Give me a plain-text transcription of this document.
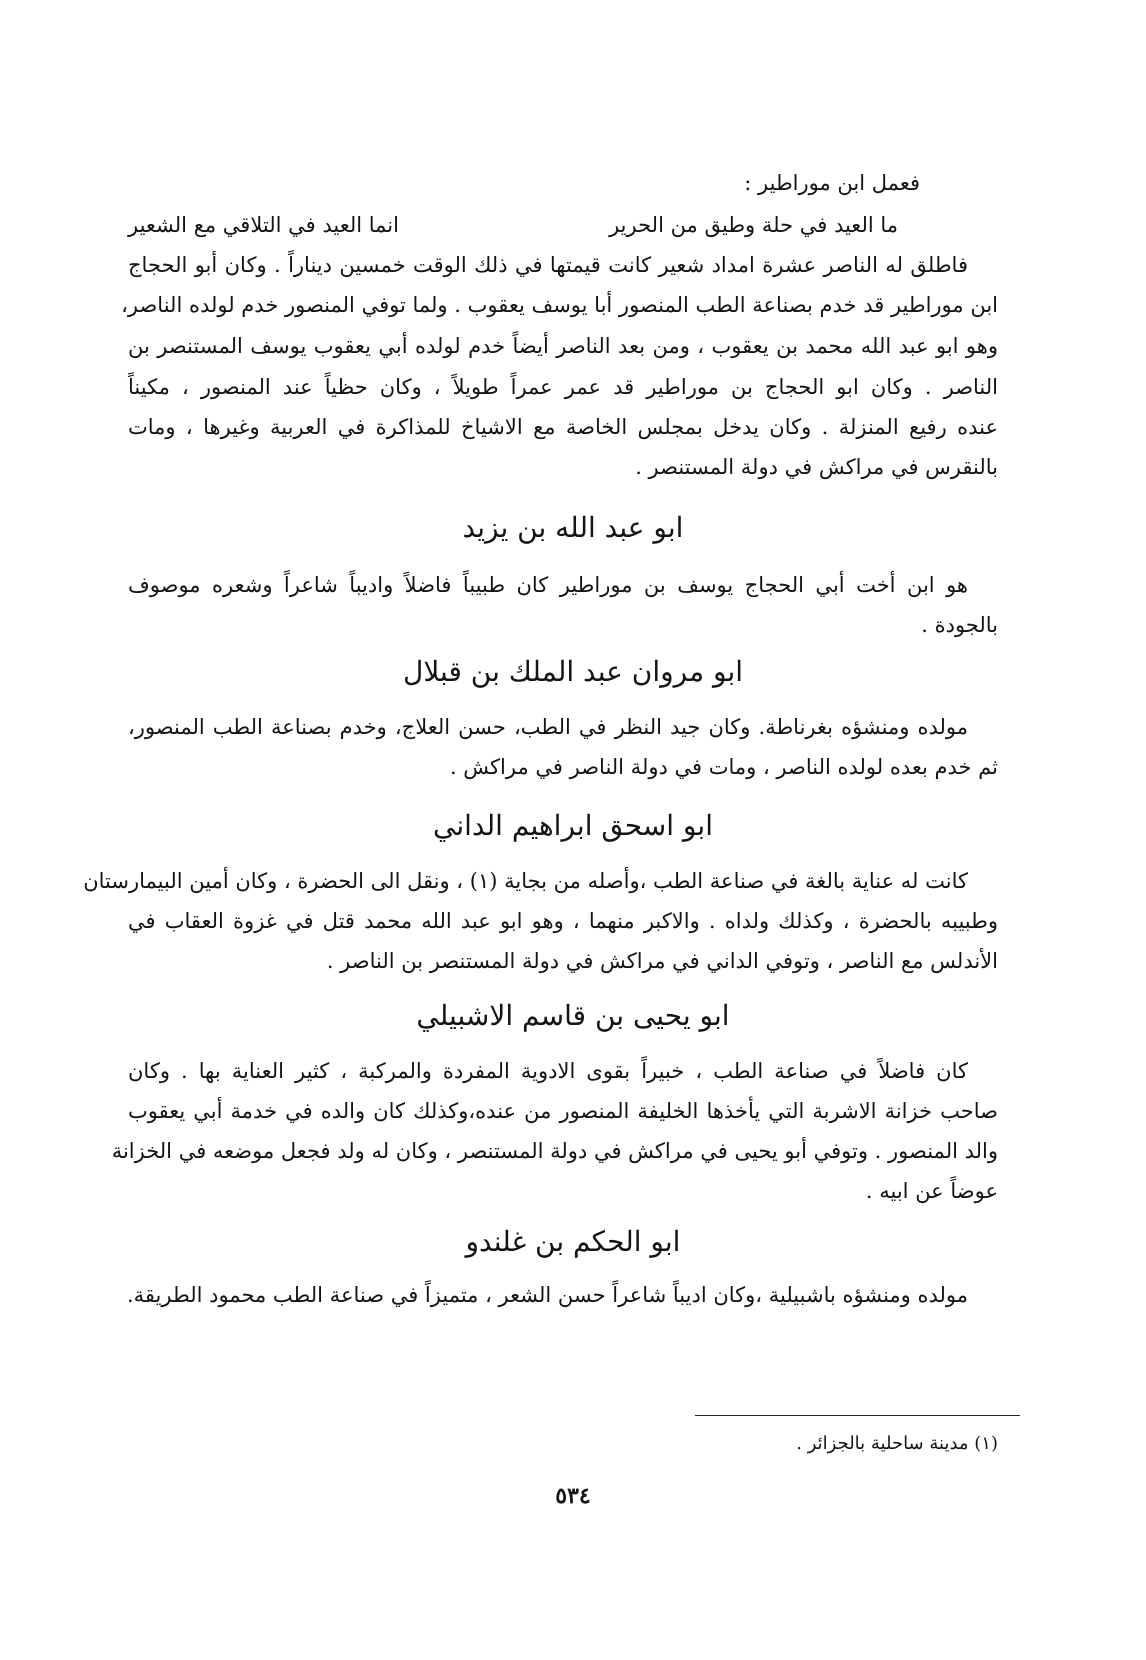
فعمل ابن موراطير :
ما العيد في حلة وطيق من الحرير
انما العيد في التلاقي مع الشعير
فاطلق له الناصر عشرة امداد شعير كانت قيمتها في ذلك الوقت خمسين ديناراً . وكان أبو الحجاج
ابن موراطير قد خدم بصناعة الطب المنصور أبا يوسف يعقوب . ولما توفي المنصور خدم لولده الناصر،
وهو ابو عبد الله محمد بن يعقوب ، ومن بعد الناصر أيضاً خدم لولده أبي يعقوب يوسف المستنصر بن
الناصر . وكان ابو الحجاج بن موراطير قد عمر عمراً طويلاً ، وكان حظياً عند المنصور ، مكيناً
عنده رفيع المنزلة . وكان يدخل بمجلس الخاصة مع الاشياخ للمذاكرة في العربية وغيرها ، ومات
بالنقرس في مراكش في دولة المستنصر .
ابو عبد الله بن يزيد
هو ابن أخت أبي الحجاج يوسف بن موراطير كان طبيباً فاضلاً واديباً شاعراً وشعره موصوف
بالجودة .
ابو مروان عبد الملك بن قبلال
مولده ومنشؤه بغرناطة. وكان جيد النظر في الطب، حسن العلاج، وخدم بصناعة الطب المنصور،
ثم خدم بعده لولده الناصر ، ومات في دولة الناصر في مراكش .
ابو اسحق ابراهيم الداني
كانت له عناية بالغة في صناعة الطب ،وأصله من بجاية (١) ، ونقل الى الحضرة ، وكان أمين البيمارستان
وطبيبه بالحضرة ، وكذلك ولداه . والاكبر منهما ، وهو ابو عبد الله محمد قتل في غزوة العقاب في
الأندلس مع الناصر ، وتوفي الداني في مراكش في دولة المستنصر بن الناصر .
ابو يحيى بن قاسم الاشبيلي
كان فاضلاً في صناعة الطب ، خبيراً بقوى الادوية المفردة والمركبة ، كثير العناية بها . وكان
صاحب خزانة الاشربة التي يأخذها الخليفة المنصور من عنده،وكذلك كان والده في خدمة أبي يعقوب
والد المنصور . وتوفي أبو يحيى في مراكش في دولة المستنصر ، وكان له ولد فجعل موضعه في الخزانة
عوضاً عن ابيه .
ابو الحكم بن غلندو
مولده ومنشؤه باشبيلية ،وكان اديباً شاعراً حسن الشعر ، متميزاً في صناعة الطب محمود الطريقة.
(١) مدينة ساحلية بالجزائر .
٥٣٤
